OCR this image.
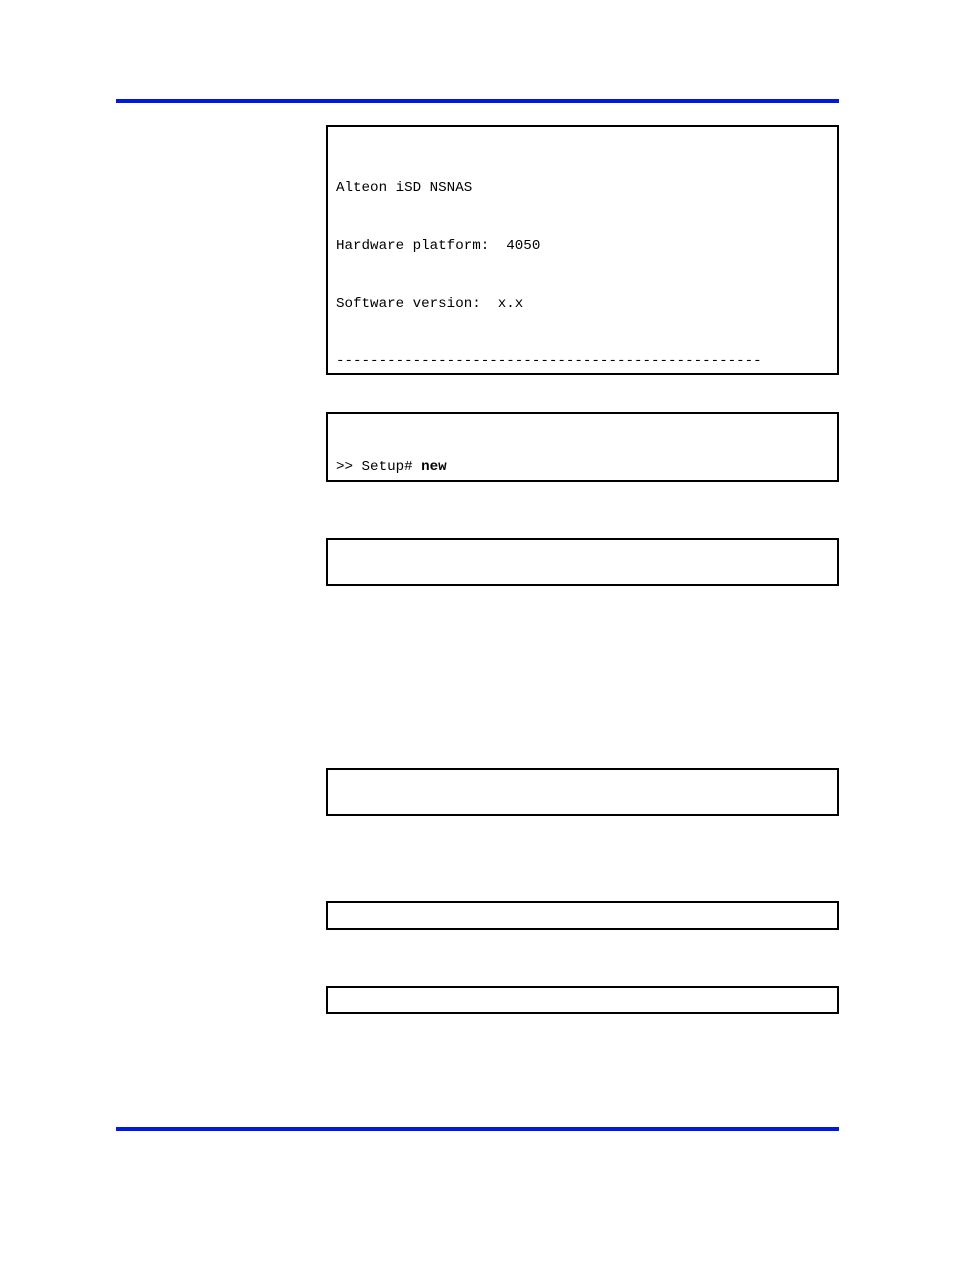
Alteon iSD NSNAS

Hardware platform:  4050

Software version:  x.x

--------------------------------------------------

>> Setup# new
